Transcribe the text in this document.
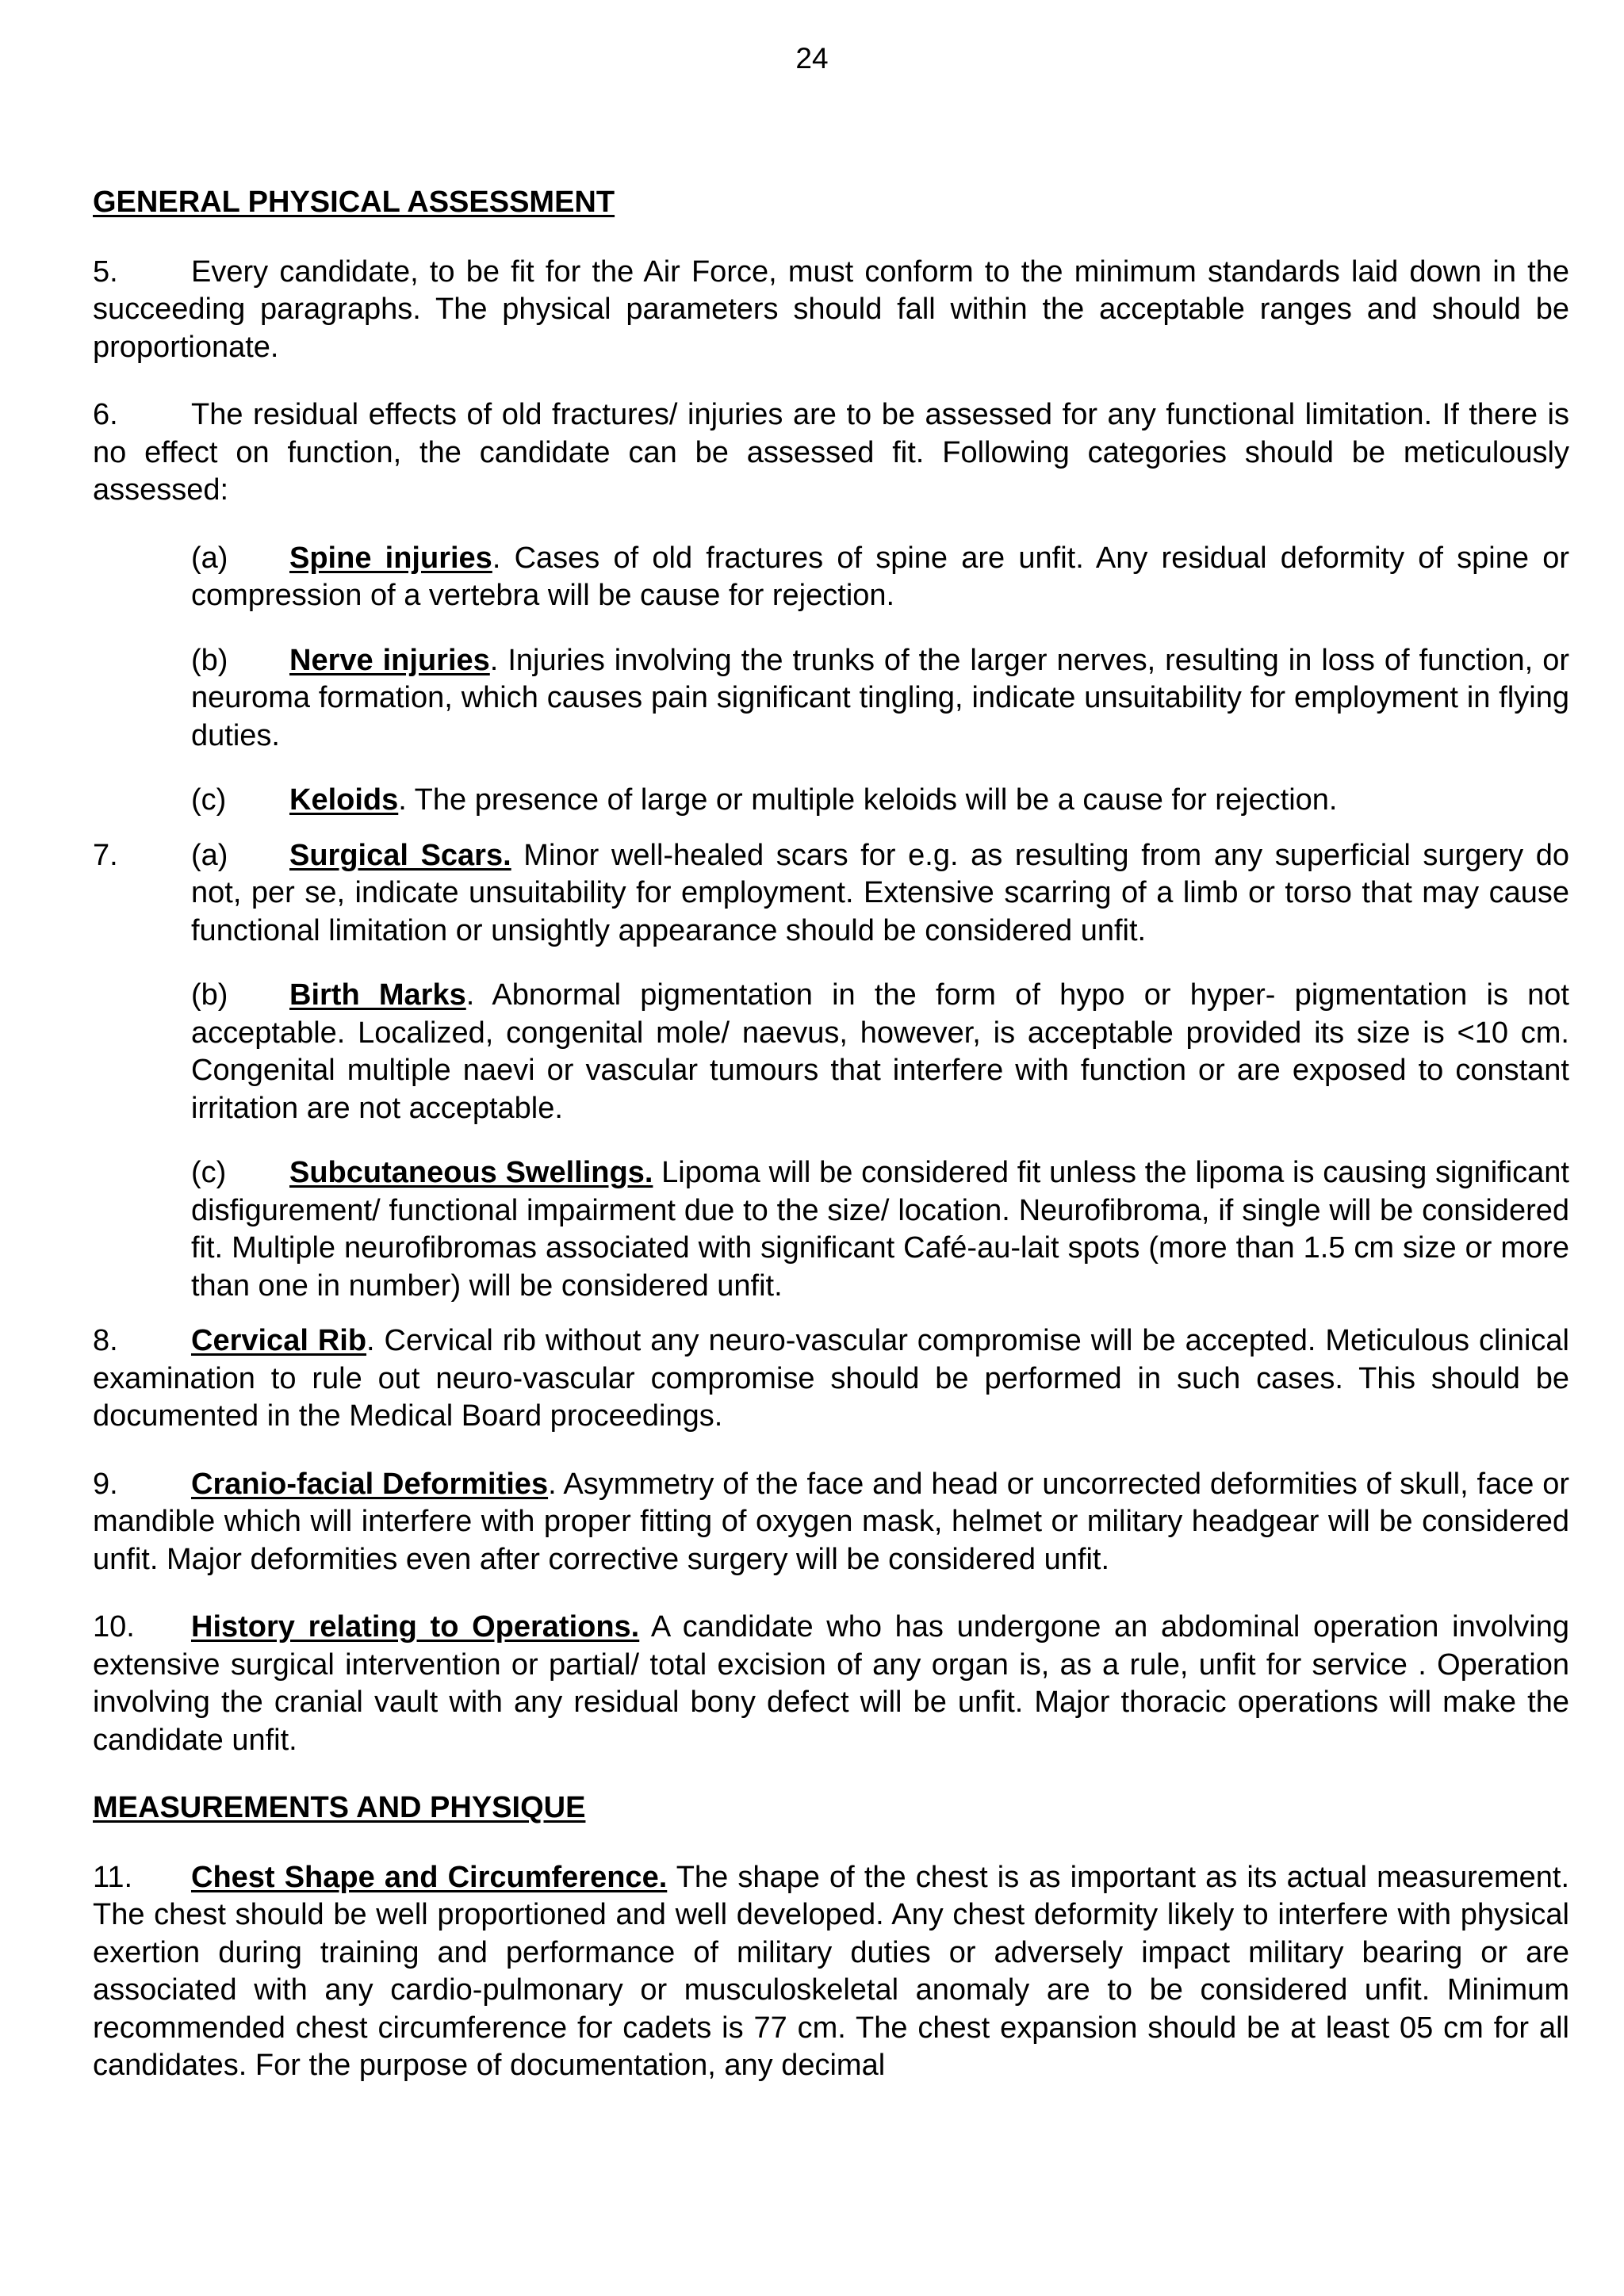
24
GENERAL PHYSICAL ASSESSMENT
5. Every candidate, to be fit for the Air Force, must conform to the minimum standards laid down in the succeeding paragraphs. The physical parameters should fall within the acceptable ranges and should be proportionate.
6. The residual effects of old fractures/ injuries are to be assessed for any functional limitation. If there is no effect on function, the candidate can be assessed fit. Following categories should be meticulously assessed:
(a) Spine injuries. Cases of old fractures of spine are unfit. Any residual deformity of spine or compression of a vertebra will be cause for rejection.
(b) Nerve injuries. Injuries involving the trunks of the larger nerves, resulting in loss of function, or neuroma formation, which causes pain significant tingling, indicate unsuitability for employment in flying duties.
(c) Keloids. The presence of large or multiple keloids will be a cause for rejection.
7. (a) Surgical Scars. Minor well-healed scars for e.g. as resulting from any superficial surgery do not, per se, indicate unsuitability for employment. Extensive scarring of a limb or torso that may cause functional limitation or unsightly appearance should be considered unfit.
(b) Birth Marks. Abnormal pigmentation in the form of hypo or hyper- pigmentation is not acceptable. Localized, congenital mole/ naevus, however, is acceptable provided its size is <10 cm. Congenital multiple naevi or vascular tumours that interfere with function or are exposed to constant irritation are not acceptable.
(c) Subcutaneous Swellings. Lipoma will be considered fit unless the lipoma is causing significant disfigurement/ functional impairment due to the size/ location. Neurofibroma, if single will be considered fit. Multiple neurofibromas associated with significant Café-au-lait spots (more than 1.5 cm size or more than one in number) will be considered unfit.
8. Cervical Rib. Cervical rib without any neuro-vascular compromise will be accepted. Meticulous clinical examination to rule out neuro-vascular compromise should be performed in such cases. This should be documented in the Medical Board proceedings.
9. Cranio-facial Deformities. Asymmetry of the face and head or uncorrected deformities of skull, face or mandible which will interfere with proper fitting of oxygen mask, helmet or military headgear will be considered unfit. Major deformities even after corrective surgery will be considered unfit.
10. History relating to Operations. A candidate who has undergone an abdominal operation involving extensive surgical intervention or partial/ total excision of any organ is, as a rule, unfit for service . Operation involving the cranial vault with any residual bony defect will be unfit. Major thoracic operations will make the candidate unfit.
MEASUREMENTS AND PHYSIQUE
11. Chest Shape and Circumference. The shape of the chest is as important as its actual measurement. The chest should be well proportioned and well developed. Any chest deformity likely to interfere with physical exertion during training and performance of military duties or adversely impact military bearing or are associated with any cardio-pulmonary or musculoskeletal anomaly are to be considered unfit. Minimum recommended chest circumference for cadets is 77 cm. The chest expansion should be at least 05 cm for all candidates. For the purpose of documentation, any decimal
